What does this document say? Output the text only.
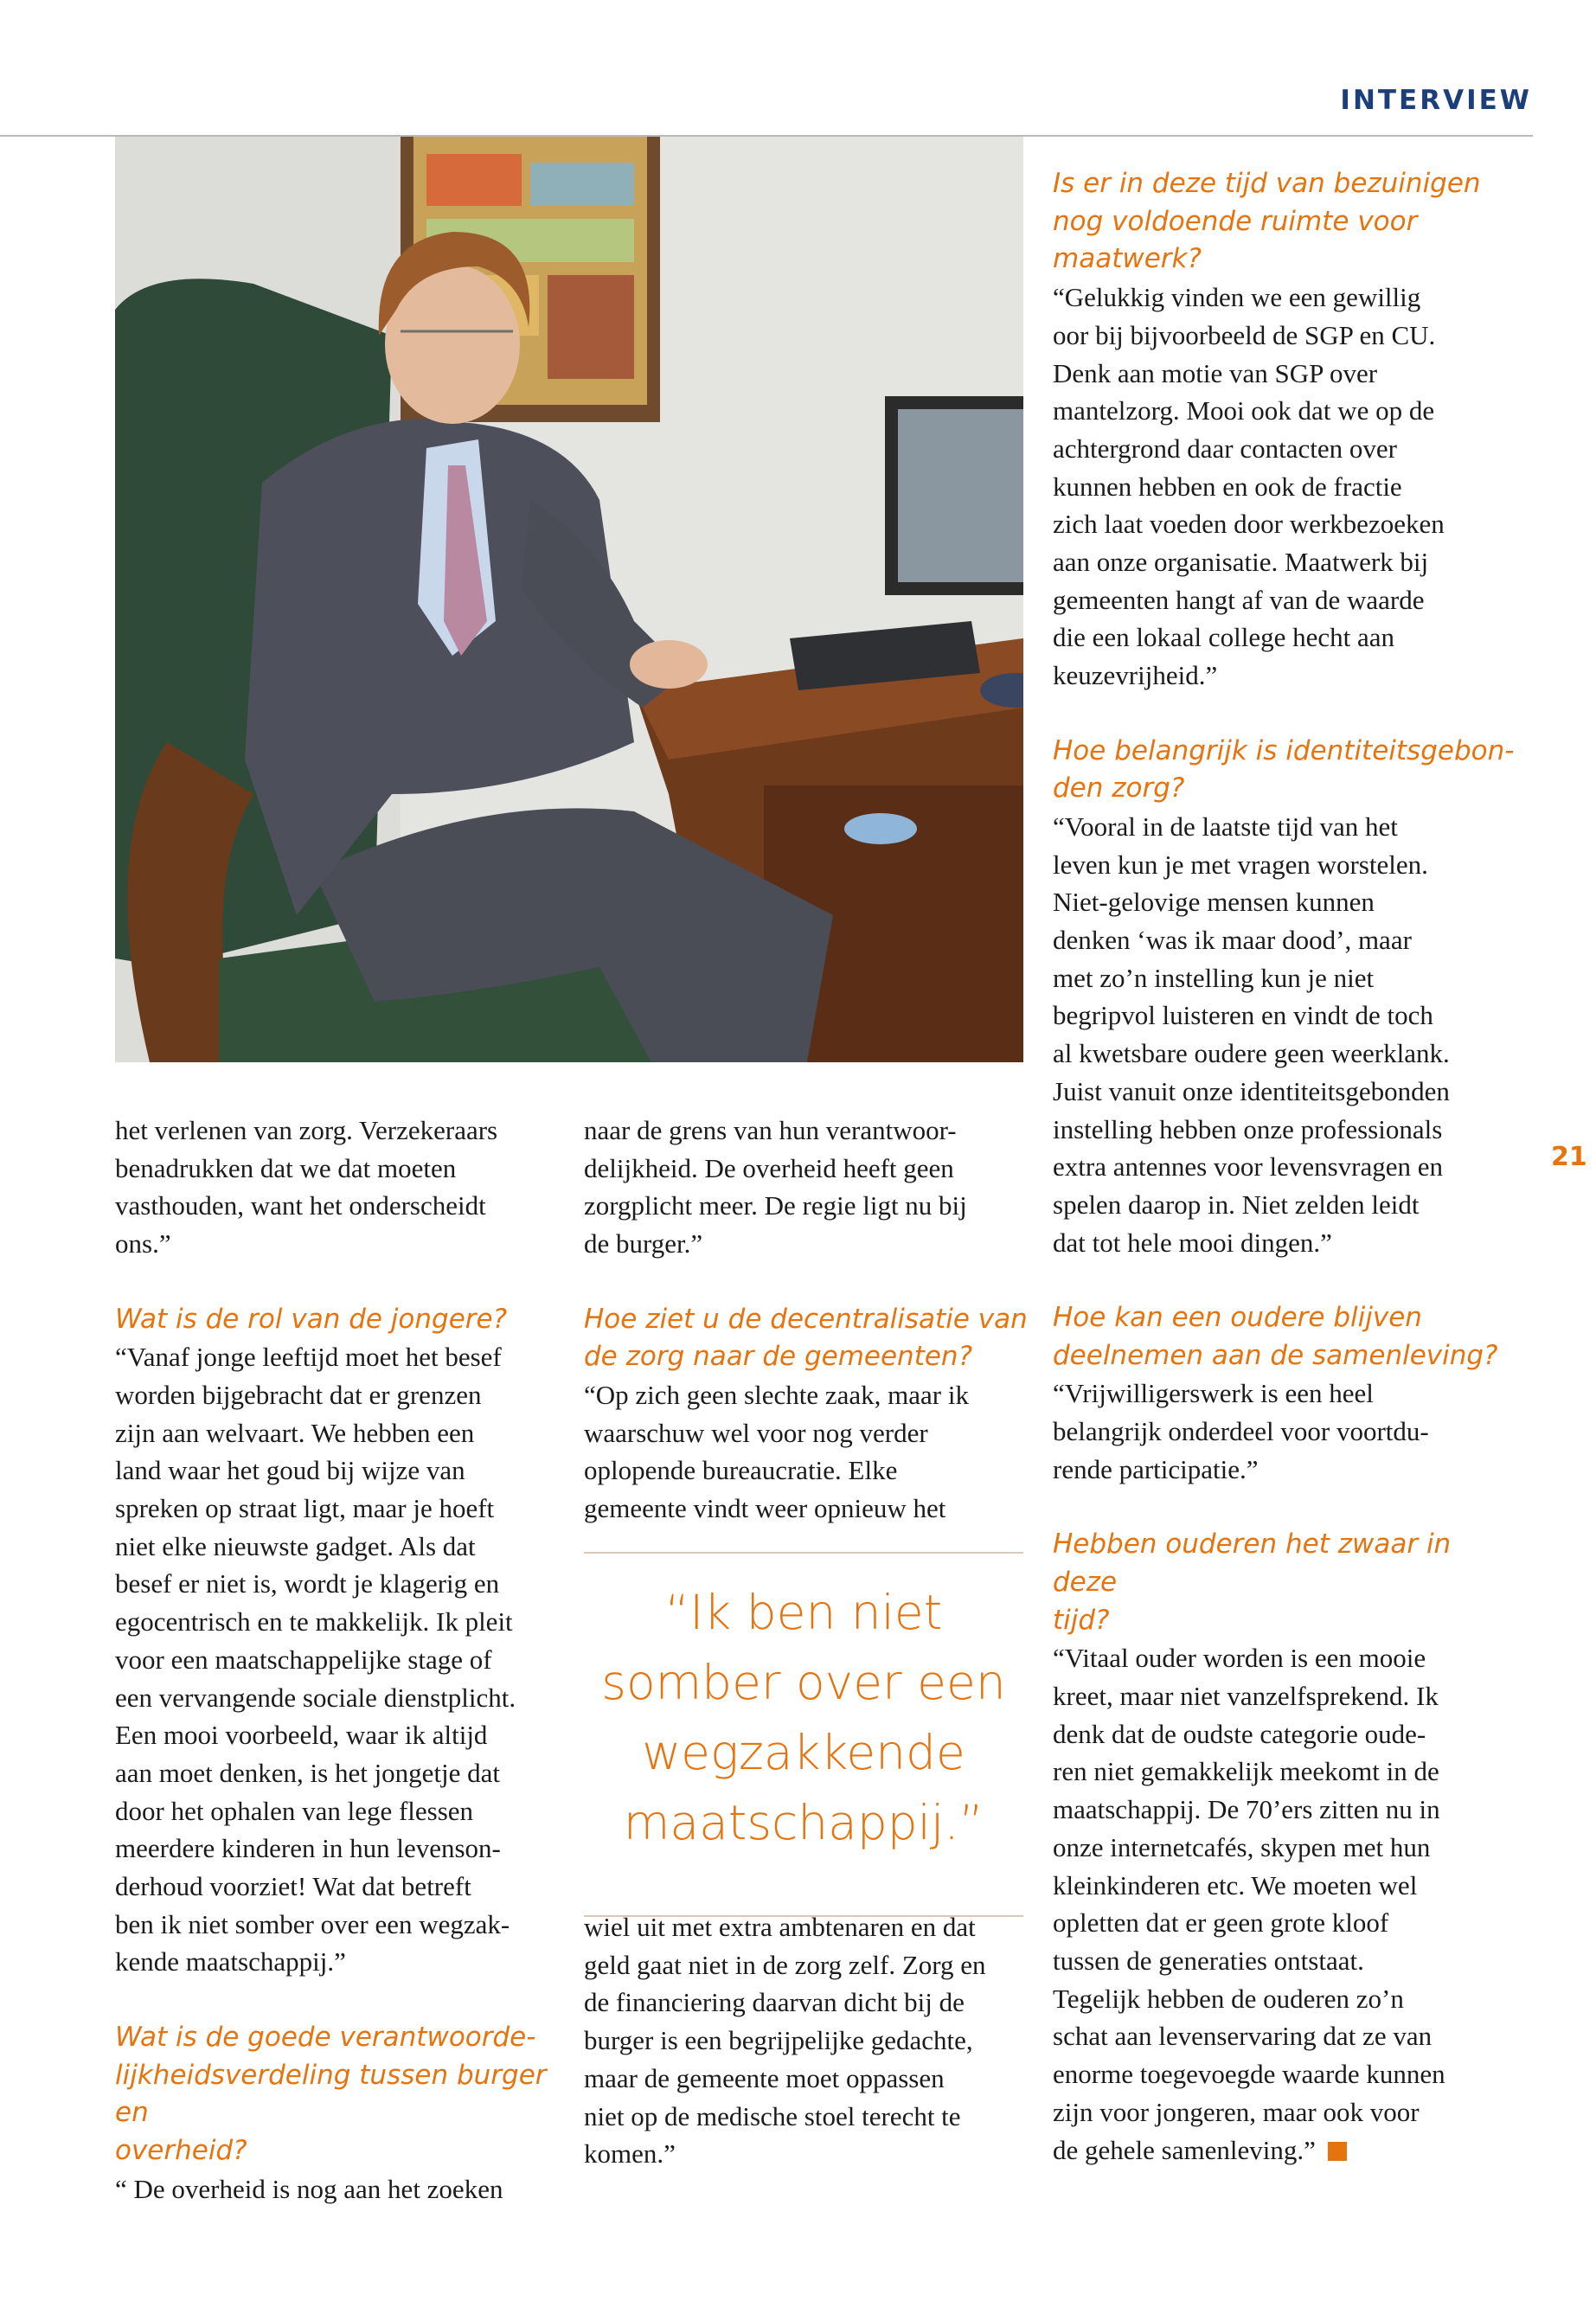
INTERVIEW
21

het verlenen van zorg. Verzekeraars

benadrukken dat we dat moeten

vasthouden, want het onderscheidt

ons.”

Wat is de rol van de jongere?

“Vanaf jonge leeftijd moet het besef

worden bijgebracht dat er grenzen

zijn aan welvaart. We hebben een

land waar het goud bij wijze van

spreken op straat ligt, maar je hoeft

niet elke nieuwste gadget. Als dat

besef er niet is, wordt je klagerig en

egocentrisch en te makkelijk. Ik pleit

voor een maatschappelijke stage of

een vervangende sociale dienstplicht.

Een mooi voorbeeld, waar ik altijd

aan moet denken, is het jongetje dat

door het ophalen van lege flessen

meerdere kinderen in hun levenson-

derhoud voorziet! Wat dat betreft

ben ik niet somber over een wegzak-

kende maatschappij.”

Wat is de goede verantwoorde-

lijkheidsverdeling tussen burger en

overheid?

“ De overheid is nog aan het zoeken

naar de grens van hun verantwoor-

delijkheid. De overheid heeft geen

zorgplicht meer. De regie ligt nu bij

de burger.”

Hoe ziet u de decentralisatie van

de zorg naar de gemeenten?

“Op zich geen slechte zaak, maar ik

waarschuw wel voor nog verder

oplopende bureaucratie. Elke

gemeente vindt weer opnieuw het

“Ik ben niet
somber over een
wegzakkende
maatschappij.”

wiel uit met extra ambtenaren en dat

geld gaat niet in de zorg zelf. Zorg en

de financiering daarvan dicht bij de

burger is een begrijpelijke gedachte,

maar de gemeente moet oppassen

niet op de medische stoel terecht te

komen.”

Is er in deze tijd van bezuinigen

nog voldoende ruimte voor

maatwerk?

“Gelukkig vinden we een gewillig

oor bij bijvoorbeeld de SGP en CU.

Denk aan motie van SGP over

mantelzorg. Mooi ook dat we op de

achtergrond daar contacten over

kunnen hebben en ook de fractie

zich laat voeden door werkbezoeken

aan onze organisatie. Maatwerk bij

gemeenten hangt af van de waarde

die een lokaal college hecht aan

keuzevrijheid.”

Hoe belangrijk is identiteitsgebon-

den zorg?

“Vooral in de laatste tijd van het

leven kun je met vragen worstelen.

Niet-gelovige mensen kunnen

denken ‘was ik maar dood’, maar

met zo’n instelling kun je niet

begripvol luisteren en vindt de toch

al kwetsbare oudere geen weerklank.

Juist vanuit onze identiteitsgebonden

instelling hebben onze professionals

extra antennes voor levensvragen en

spelen daarop in. Niet zelden leidt

dat tot hele mooi dingen.”

Hoe kan een oudere blijven

deelnemen aan de samenleving?

“Vrijwilligerswerk is een heel

belangrijk onderdeel voor voortdu-

rende participatie.”

Hebben ouderen het zwaar in deze

tijd?

“Vitaal ouder worden is een mooie

kreet, maar niet vanzelfsprekend. Ik

denk dat de oudste categorie oude-

ren niet gemakkelijk meekomt in de

maatschappij. De 70’ers zitten nu in

onze internetcafés, skypen met hun

kleinkinderen etc. We moeten wel

opletten dat er geen grote kloof

tussen de generaties ontstaat.

Tegelijk hebben de ouderen zo’n

schat aan levenservaring dat ze van

enorme toegevoegde waarde kunnen

zijn voor jongeren, maar ook voor

de gehele samenleving.”
